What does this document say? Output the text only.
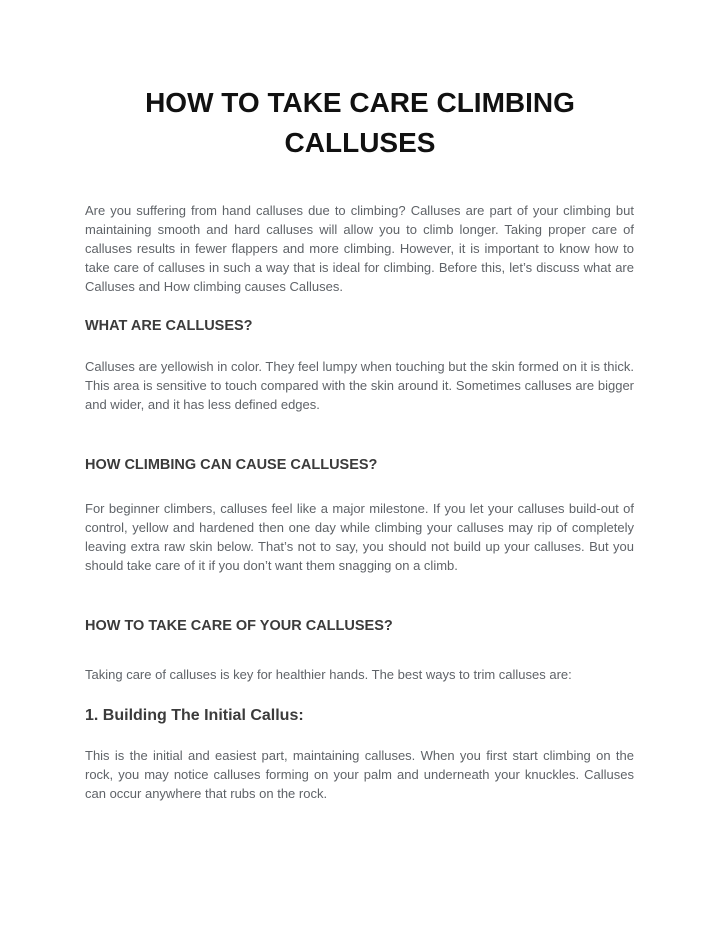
HOW TO TAKE CARE CLIMBING CALLUSES

Are you suffering from hand calluses due to climbing? Calluses are part of your climbing but maintaining smooth and hard calluses will allow you to climb longer. Taking proper care of calluses results in fewer flappers and more climbing. However, it is important to know how to take care of calluses in such a way that is ideal for climbing. Before this, let’s discuss what are Calluses and How climbing causes Calluses.

WHAT ARE CALLUSES?

Calluses are yellowish in color. They feel lumpy when touching but the skin formed on it is thick. This area is sensitive to touch compared with the skin around it. Sometimes calluses are bigger and wider, and it has less defined edges.

HOW CLIMBING CAN CAUSE CALLUSES?

For beginner climbers, calluses feel like a major milestone. If you let your calluses build-out of control, yellow and hardened then one day while climbing your calluses may rip of completely leaving extra raw skin below. That’s not to say, you should not build up your calluses. But you should take care of it if you don’t want them snagging on a climb.

HOW TO TAKE CARE OF YOUR CALLUSES?

Taking care of calluses is key for healthier hands. The best ways to trim calluses are:

1. Building The Initial Callus:

This is the initial and easiest part, maintaining calluses. When you first start climbing on the rock, you may notice calluses forming on your palm and underneath your knuckles. Calluses can occur anywhere that rubs on the rock.
